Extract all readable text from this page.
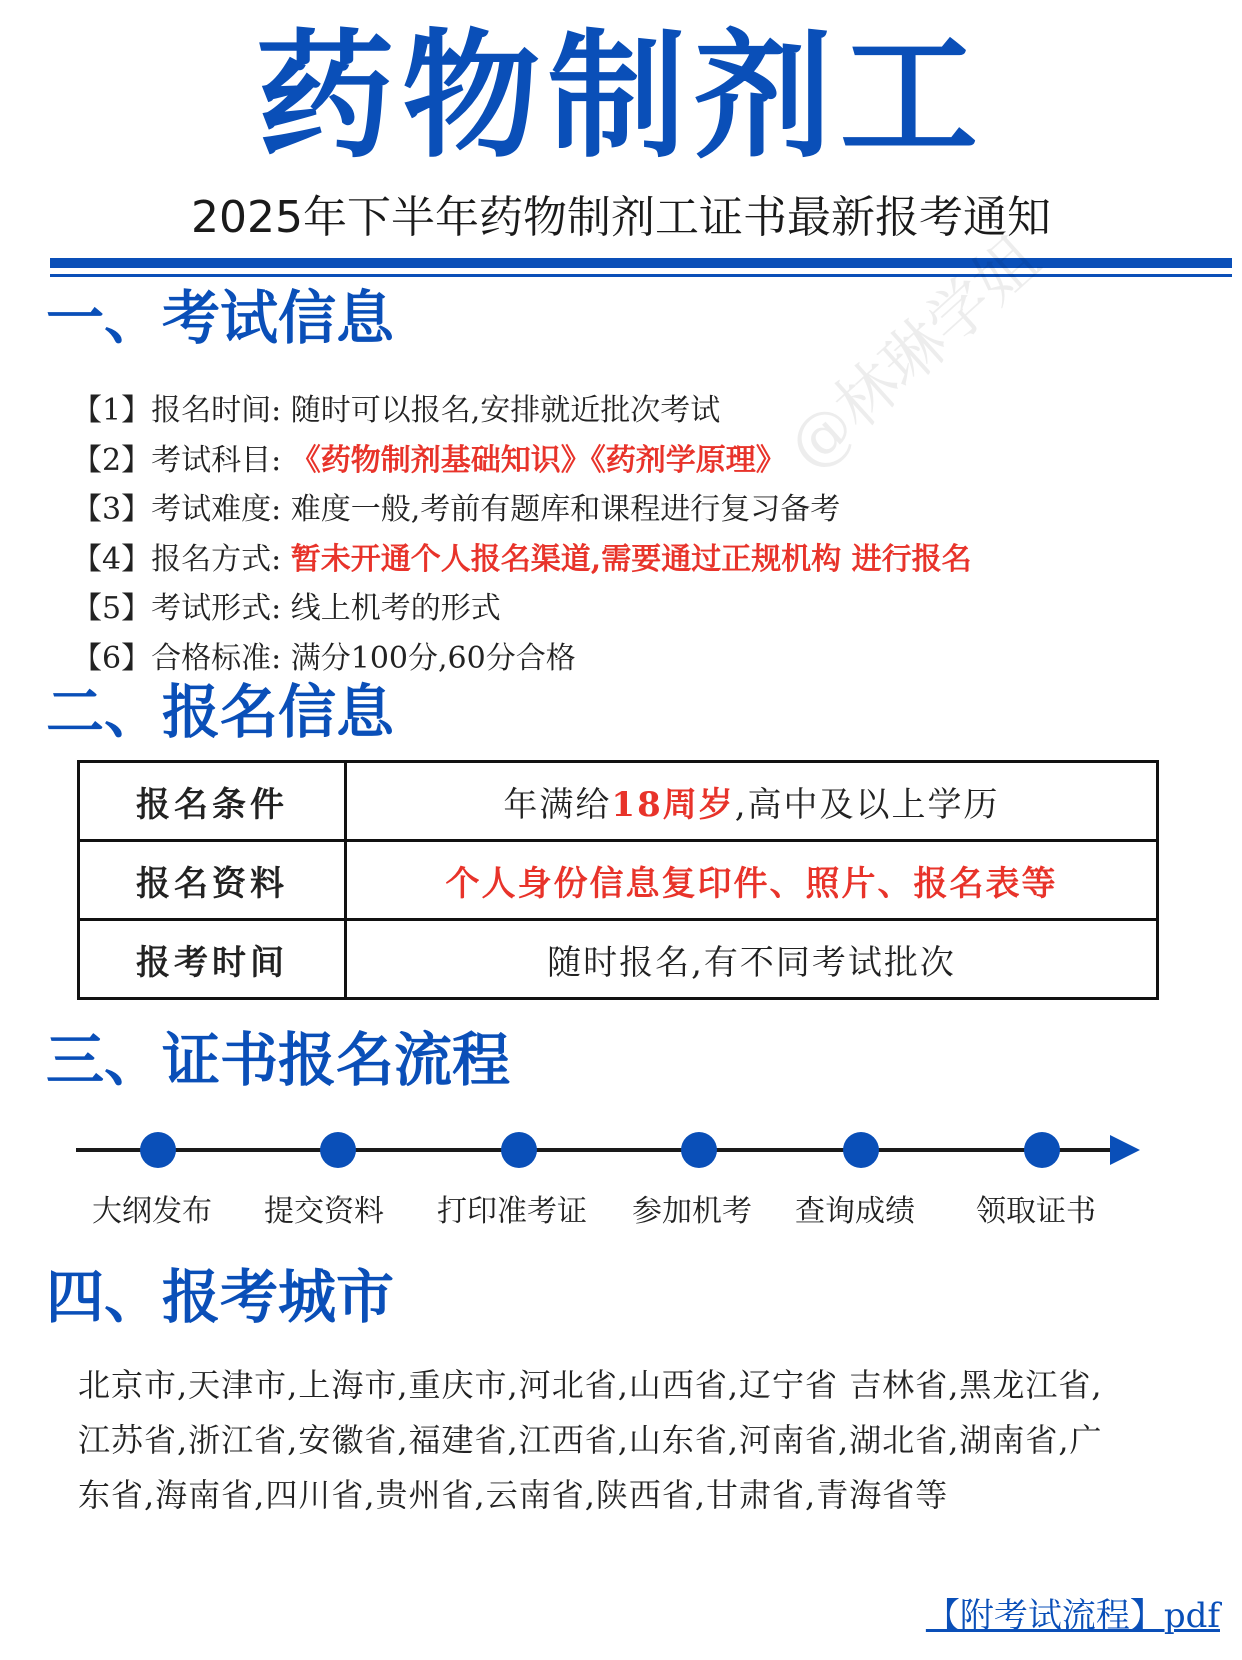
药物制剂工
2025年下半年药物制剂工证书最新报考通知
@林琳学姐
一、考试信息
【1】报名时间: 随时可以报名,安排就近批次考试
【2】考试科目: 《药物制剂基础知识》《药剂学原理》
【3】考试难度: 难度一般,考前有题库和课程进行复习备考
【4】报名方式: 暂未开通个人报名渠道,需要通过正规机构 进行报名
【5】考试形式: 线上机考的形式
【6】合格标准: 满分100分,60分合格
二、报名信息
报名条件	年满给18周岁,高中及以上学历
报名资料	个人身份信息复印件、照片、报名表等
报考时间	随时报名,有不同考试批次
三、证书报名流程
大纲发布	提交资料	打印准考证	参加机考	查询成绩	领取证书
四、报考城市
北京市,天津市,上海市,重庆市,河北省,山西省,辽宁省 吉林省,黑龙江省,江苏省,浙江省,安徽省,福建省,江西省,山东省,河南省,湖北省,湖南省,广东省,海南省,四川省,贵州省,云南省,陕西省,甘肃省,青海省等
【附考试流程】pdf
